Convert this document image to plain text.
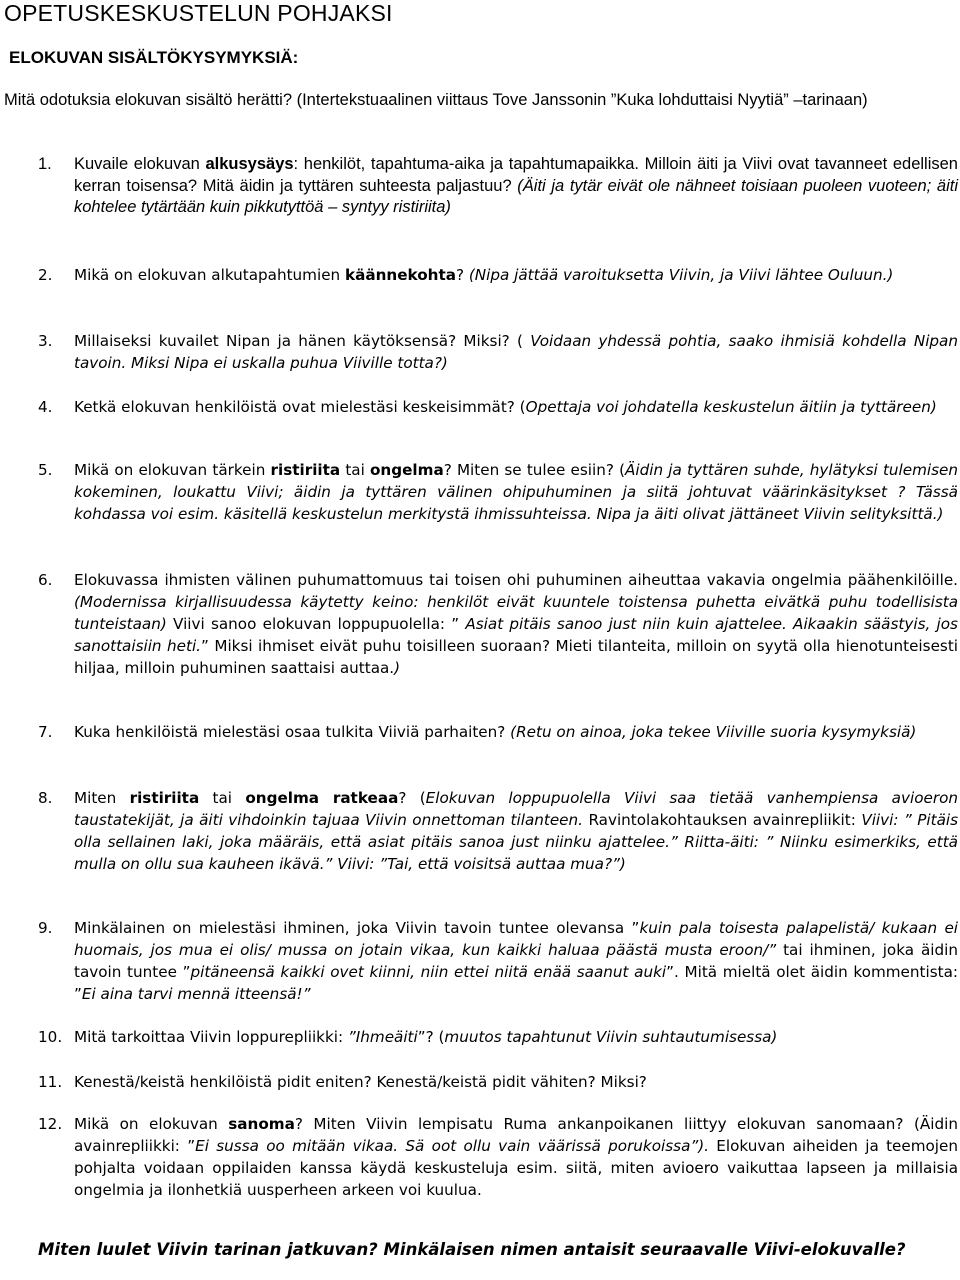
OPETUSKESKUSTELUN POHJAKSI
ELOKUVAN SISÄLTÖKYSYMYKSIÄ:

Mitä odotuksia elokuvan sisältö herätti? (Intertekstuaalinen viittaus Tove Janssonin ”Kuka lohduttaisi Nyytiä” –tarinaan)

1. Kuvaile elokuvan alkusysäys: henkilöt, tapahtuma-aika ja tapahtumapaikka. Milloin äiti ja Viivi ovat tavanneet edellisen kerran toisensa? Mitä äidin ja tyttären suhteesta paljastuu? (Äiti ja tytär eivät ole nähneet toisiaan puoleen vuoteen; äiti kohtelee tytärtään kuin pikkutyttöä – syntyy ristiriita)
2. Mikä on elokuvan alkutapahtumien käännekohta? (Nipa jättää varoituksetta Viivin, ja Viivi lähtee Ouluun.)
3. Millaiseksi kuvailet Nipan ja hänen käytöksensä? Miksi? ( Voidaan yhdessä pohtia, saako ihmisiä kohdella Nipan tavoin. Miksi Nipa ei uskalla puhua Viiville totta?)
4. Ketkä elokuvan henkilöistä ovat mielestäsi keskeisimmät? (Opettaja voi johdatella keskustelun äitiin ja tyttäreen)
5. Mikä on elokuvan tärkein ristiriita tai ongelma? Miten se tulee esiin? (Äidin ja tyttären suhde, hylätyksi tulemisen kokeminen, loukattu Viivi; äidin ja tyttären välinen ohipuhuminen ja siitä johtuvat väärinkäsitykset ? Tässä kohdassa voi esim. käsitellä keskustelun merkitystä ihmissuhteissa. Nipa ja äiti olivat jättäneet Viivin selityksittä.)
6. Elokuvassa ihmisten välinen puhumattomuus tai toisen ohi puhuminen aiheuttaa vakavia ongelmia päähenkilöille. (Modernissa kirjallisuudessa käytetty keino: henkilöt eivät kuuntele toistensa puhetta eivätkä puhu todellisista tunteistaan) Viivi sanoo elokuvan loppupuolella: ” Asiat pitäis sanoo just niin kuin ajattelee. Aikaakin säästyis, jos sanottaisiin heti.” Miksi ihmiset eivät puhu toisilleen suoraan? Mieti tilanteita, milloin on syytä olla hienotunteisesti hiljaa, milloin puhuminen saattaisi auttaa.)
7. Kuka henkilöistä mielestäsi osaa tulkita Viiviä parhaiten? (Retu on ainoa, joka tekee Viiville suoria kysymyksiä)
8. Miten ristiriita tai ongelma ratkeaa? (Elokuvan loppupuolella Viivi saa tietää vanhempiensa avioeron taustatekijät, ja äiti vihdoinkin tajuaa Viivin onnettoman tilanteen. Ravintolakohtauksen avainrepliikit: Viivi: ” Pitäis olla sellainen laki, joka määräis, että asiat pitäis sanoa just niinku ajattelee.” Riitta-äiti: ” Niinku esimerkiks, että mulla on ollu sua kauheen ikävä.” Viivi: ”Tai, että voisitsä auttaa mua?”)
9. Minkälainen on mielestäsi ihminen, joka Viivin tavoin tuntee olevansa ”kuin pala toisesta palapelistä/ kukaan ei huomais, jos mua ei olis/ mussa on jotain vikaa, kun kaikki haluaa päästä musta eroon/” tai ihminen, joka äidin tavoin tuntee ”pitäneensä kaikki ovet kiinni, niin ettei niitä enää saanut auki”. Mitä mieltä olet äidin kommentista: ”Ei aina tarvi mennä itteensä!”
10. Mitä tarkoittaa Viivin loppurepliikki: ”Ihmeäiti”? (muutos tapahtunut Viivin suhtautumisessa)
11. Kenestä/keistä henkilöistä pidit eniten? Kenestä/keistä pidit vähiten? Miksi?
12. Mikä on elokuvan sanoma? Miten Viivin lempisatu Ruma ankanpoikanen liittyy elokuvan sanomaan? (Äidin avainrepliikki: ”Ei sussa oo mitään vikaa. Sä oot ollu vain väärissä porukoissa”). Elokuvan aiheiden ja teemojen pohjalta voidaan oppilaiden kanssa käydä keskusteluja esim. siitä, miten avioero vaikuttaa lapseen ja millaisia ongelmia ja ilonhetkiä uusperheen arkeen voi kuulua.

Miten luulet Viivin tarinan jatkuvan? Minkälaisen nimen antaisit seuraavalle Viivi-elokuvalle?
